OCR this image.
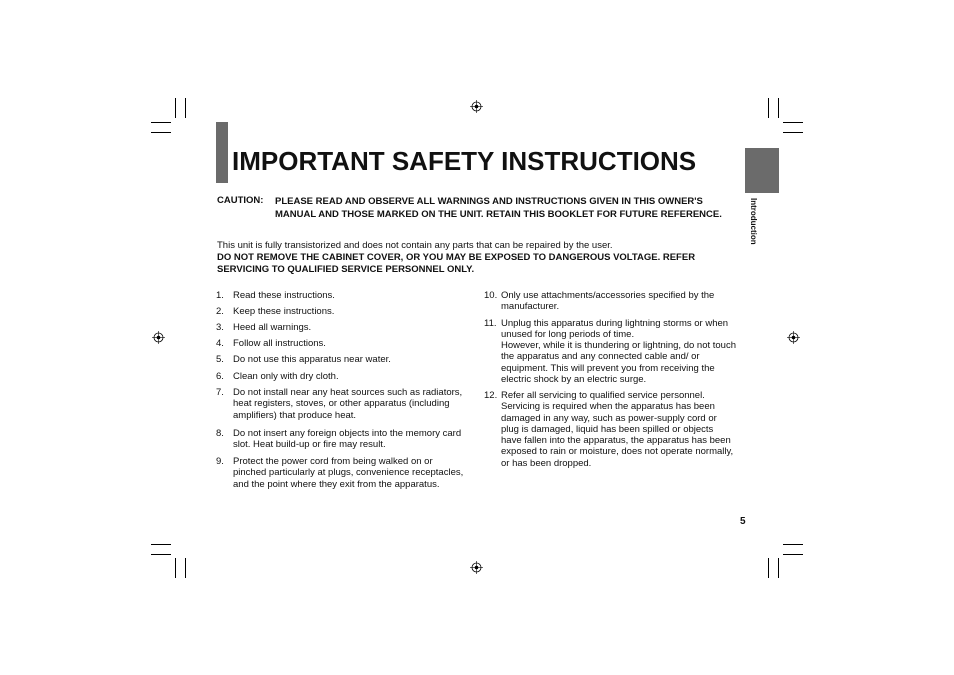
IMPORTANT SAFETY INSTRUCTIONS
Introduction
CAUTION: PLEASE READ AND OBSERVE ALL WARNINGS AND INSTRUCTIONS GIVEN IN THIS OWNER'S MANUAL AND THOSE MARKED ON THE UNIT. RETAIN THIS BOOKLET FOR FUTURE REFERENCE.
This unit is fully transistorized and does not contain any parts that can be repaired by the user.
DO NOT REMOVE THE CABINET COVER, OR YOU MAY BE EXPOSED TO DANGEROUS VOLTAGE. REFER SERVICING TO QUALIFIED SERVICE PERSONNEL ONLY.
1. Read these instructions.
2. Keep these instructions.
3. Heed all warnings.
4. Follow all instructions.
5. Do not use this apparatus near water.
6. Clean only with dry cloth.
7. Do not install near any heat sources such as radiators, heat registers, stoves, or other apparatus (including amplifiers) that produce heat.
8. Do not insert any foreign objects into the memory card slot. Heat build-up or fire may result.
9. Protect the power cord from being walked on or pinched particularly at plugs, convenience receptacles, and the point where they exit from the apparatus.
10. Only use attachments/accessories specified by the manufacturer.
11. Unplug this apparatus during lightning storms or when unused for long periods of time.
However, while it is thundering or lightning, do not touch the apparatus and any connected cable and/ or equipment. This will prevent you from receiving the electric shock by an electric surge.
12. Refer all servicing to qualified service personnel. Servicing is required when the apparatus has been damaged in any way, such as power-supply cord or plug is damaged, liquid has been spilled or objects have fallen into the apparatus, the apparatus has been exposed to rain or moisture, does not operate normally, or has been dropped.
5
